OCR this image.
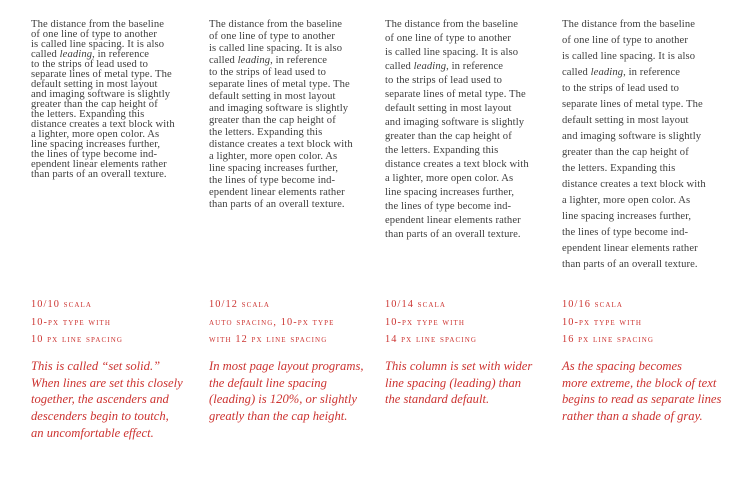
The distance from the baseline
of one line of type to another
is called line spacing. It is also
called leading, in reference
to the strips of lead used to
separate lines of metal type. The
default setting in most layout
and imaging software is slightly
greater than the cap height of
the letters. Expanding this
distance creates a text block with
a lighter, more open color. As
line spacing increases further,
the lines of type become ind-
ependent linear elements rather
than parts of an overall texture.
10/10 scala
10-px type with
10 px line spacing
This is called “set solid.”
When lines are set this closely
together, the ascenders and
descenders begin to toutch,
an uncomfortable effect.
The distance from the baseline
of one line of type to another
is called line spacing. It is also
called leading, in reference
to the strips of lead used to
separate lines of metal type. The
default setting in most layout
and imaging software is slightly
greater than the cap height of
the letters. Expanding this
distance creates a text block with
a lighter, more open color. As
line spacing increases further,
the lines of type become ind-
ependent linear elements rather
than parts of an overall texture.
10/12 scala
auto spacing, 10-px type
with 12 px line spacing
In most page layout programs,
the default line spacing
(leading) is 120%, or slightly
greatly than the cap height.
The distance from the baseline
of one line of type to another
is called line spacing. It is also
called leading, in reference
to the strips of lead used to
separate lines of metal type. The
default setting in most layout
and imaging software is slightly
greater than the cap height of
the letters. Expanding this
distance creates a text block with
a lighter, more open color. As
line spacing increases further,
the lines of type become ind-
ependent linear elements rather
than parts of an overall texture.
10/14 scala
10-px type with
14 px line spacing
This column is set with wider
line spacing (leading) than
the standard default.
The distance from the baseline
of one line of type to another
is called line spacing. It is also
called leading, in reference
to the strips of lead used to
separate lines of metal type. The
default setting in most layout
and imaging software is slightly
greater than the cap height of
the letters. Expanding this
distance creates a text block with
a lighter, more open color. As
line spacing increases further,
the lines of type become ind-
ependent linear elements rather
than parts of an overall texture.
10/16 scala
10-px type with
16 px line spacing
As the spacing becomes
more extreme, the block of text
begins to read as separate lines
rather than a shade of gray.
